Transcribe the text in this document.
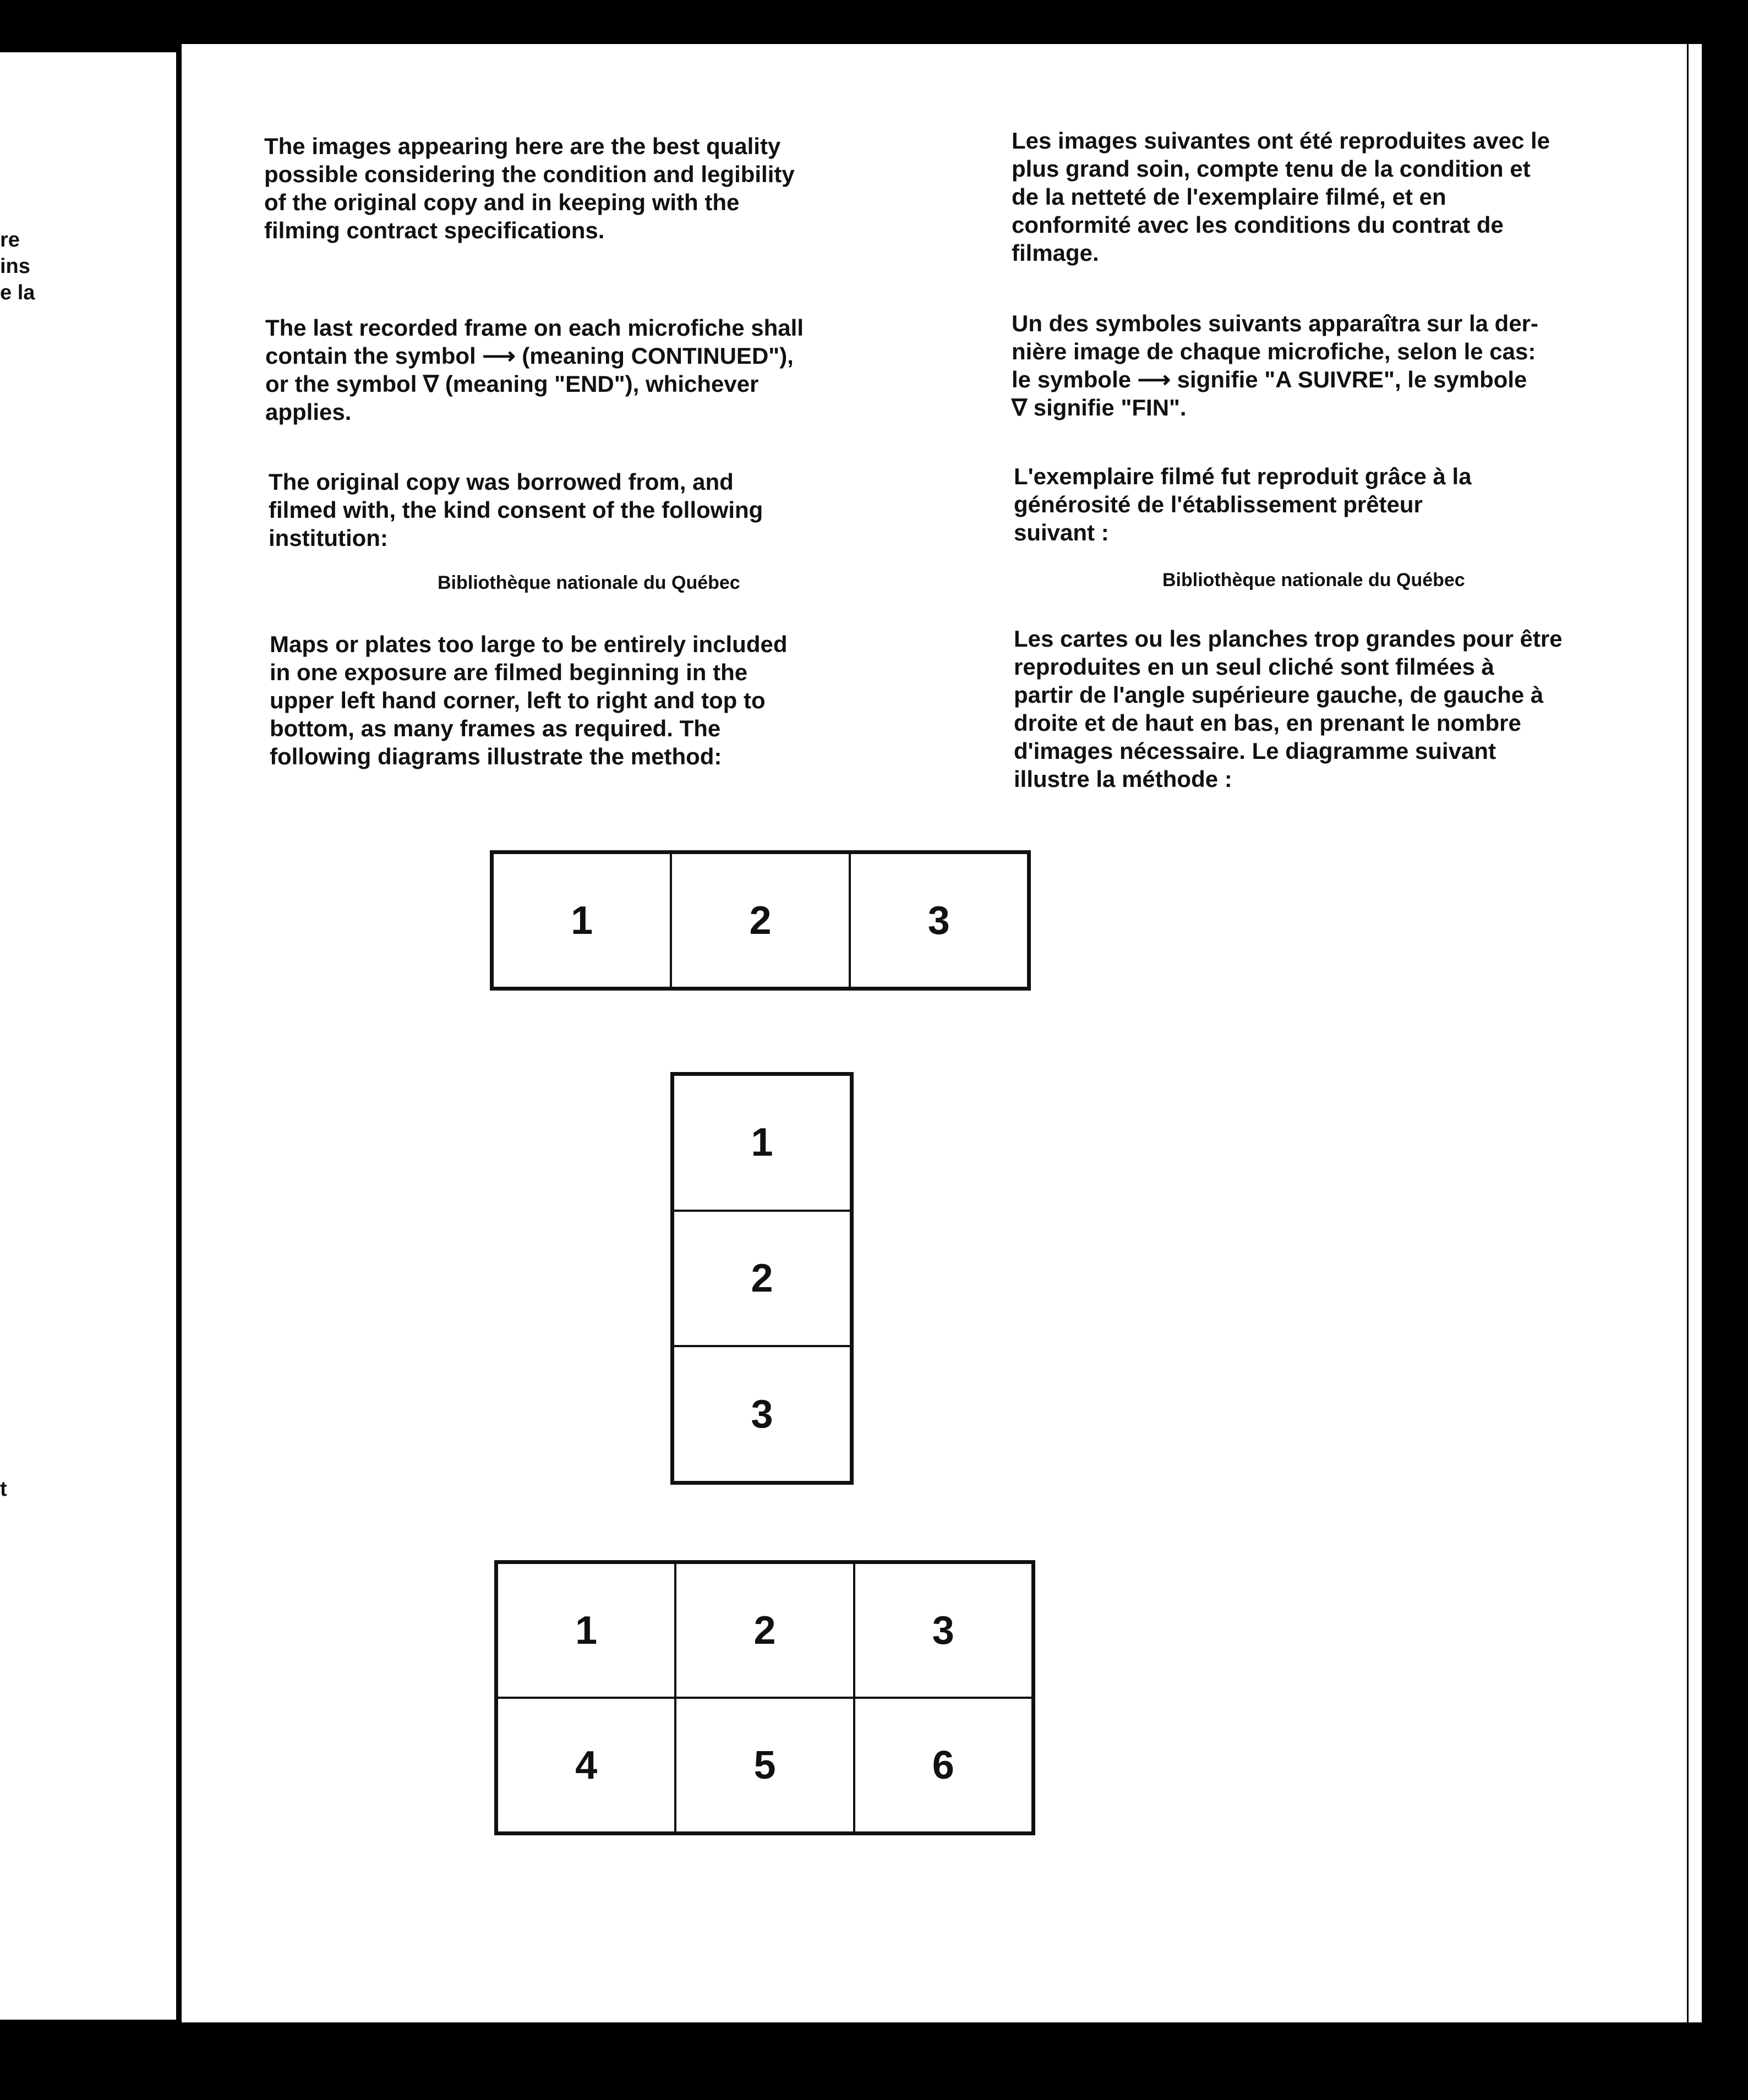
re
ins
e la
t
The images appearing here are the best quality
possible considering the condition and legibility
of the original copy and in keeping with the
filming contract specifications.
The last recorded frame on each microfiche shall
contain the symbol ⟶ (meaning CONTINUED"),
or the symbol ∇ (meaning "END"), whichever
applies.
The original copy was borrowed from, and
filmed with, the kind consent of the following
institution:
Bibliothèque nationale du Québec
Maps or plates too large to be entirely included
in one exposure are filmed beginning in the
upper left hand corner, left to right and top to
bottom, as many frames as required. The
following diagrams illustrate the method:
Les images suivantes ont été reproduites avec le
plus grand soin, compte tenu de la condition et
de la netteté de l'exemplaire filmé, et en
conformité avec les conditions du contrat de
filmage.
Un des symboles suivants apparaîtra sur la der-
nière image de chaque microfiche, selon le cas:
le symbole ⟶ signifie "A SUIVRE", le symbole
∇ signifie "FIN".
L'exemplaire filmé fut reproduit grâce à la
générosité de l'établissement prêteur
suivant :
Bibliothèque nationale du Québec
Les cartes ou les planches trop grandes pour être
reproduites en un seul cliché sont filmées à
partir de l'angle supérieure gauche, de gauche à
droite et de haut en bas, en prenant le nombre
d'images nécessaire. Le diagramme suivant
illustre la méthode :
1	2	3
1
2
3
1	2	3
4	5	6
